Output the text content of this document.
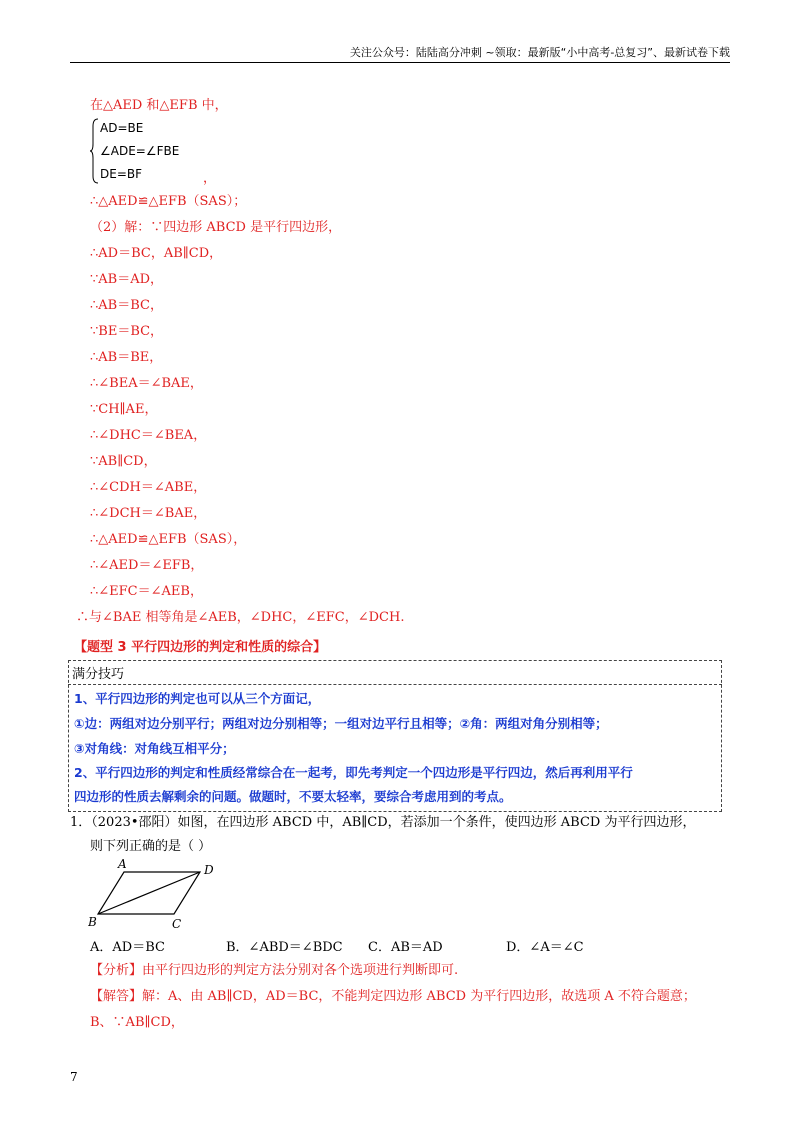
关注公众号：陆陆高分冲刺 ~领取：最新版“小中高考-总复习”、最新试卷下载
在△AED 和△EFB 中，
AD=BE
∠ADE=∠FBE
DE=BF	，
∴△AED≌△EFB（SAS）；
（2）解：∵四边形 ABCD 是平行四边形，
∴AD＝BC，AB∥CD，
∵AB＝AD，
∴AB＝BC，
∵BE＝BC，
∴AB＝BE，
∴∠BEA＝∠BAE，
∵CH∥AE，
∴∠DHC＝∠BEA，
∵AB∥CD，
∴∠CDH＝∠ABE，
∴∠DCH＝∠BAE，
∴△AED≌△EFB（SAS），
∴∠AED＝∠EFB，
∴∠EFC＝∠AEB，
∴与∠BAE 相等角是∠AEB，∠DHC，∠EFC，∠DCH.
【题型 3 平行四边形的判定和性质的综合】
满分技巧
1、平行四边形的判定也可以从三个方面记，
①边：两组对边分别平行；两组对边分别相等；一组对边平行且相等；②角：两组对角分别相等；
③对角线：对角线互相平分；
2、平行四边形的判定和性质经常综合在一起考，即先考判定一个四边形是平行四边，然后再利用平行
四边形的性质去解剩余的问题。做题时，不要太轻率，要综合考虑用到的考点。
1．（2023•邵阳）如图，在四边形 ABCD 中，AB∥CD，若添加一个条件，使四边形 ABCD 为平行四边形，
则下列正确的是（ ）
A	D
B	C
A．AD＝BC	B．∠ABD＝∠BDC C．AB＝AD	D．∠A＝∠C
【分析】由平行四边形的判定方法分别对各个选项进行判断即可.
【解答】解：A、由 AB∥CD，AD＝BC，不能判定四边形 ABCD 为平行四边形，故选项 A 不符合题意；
B、∵AB∥CD，
7
